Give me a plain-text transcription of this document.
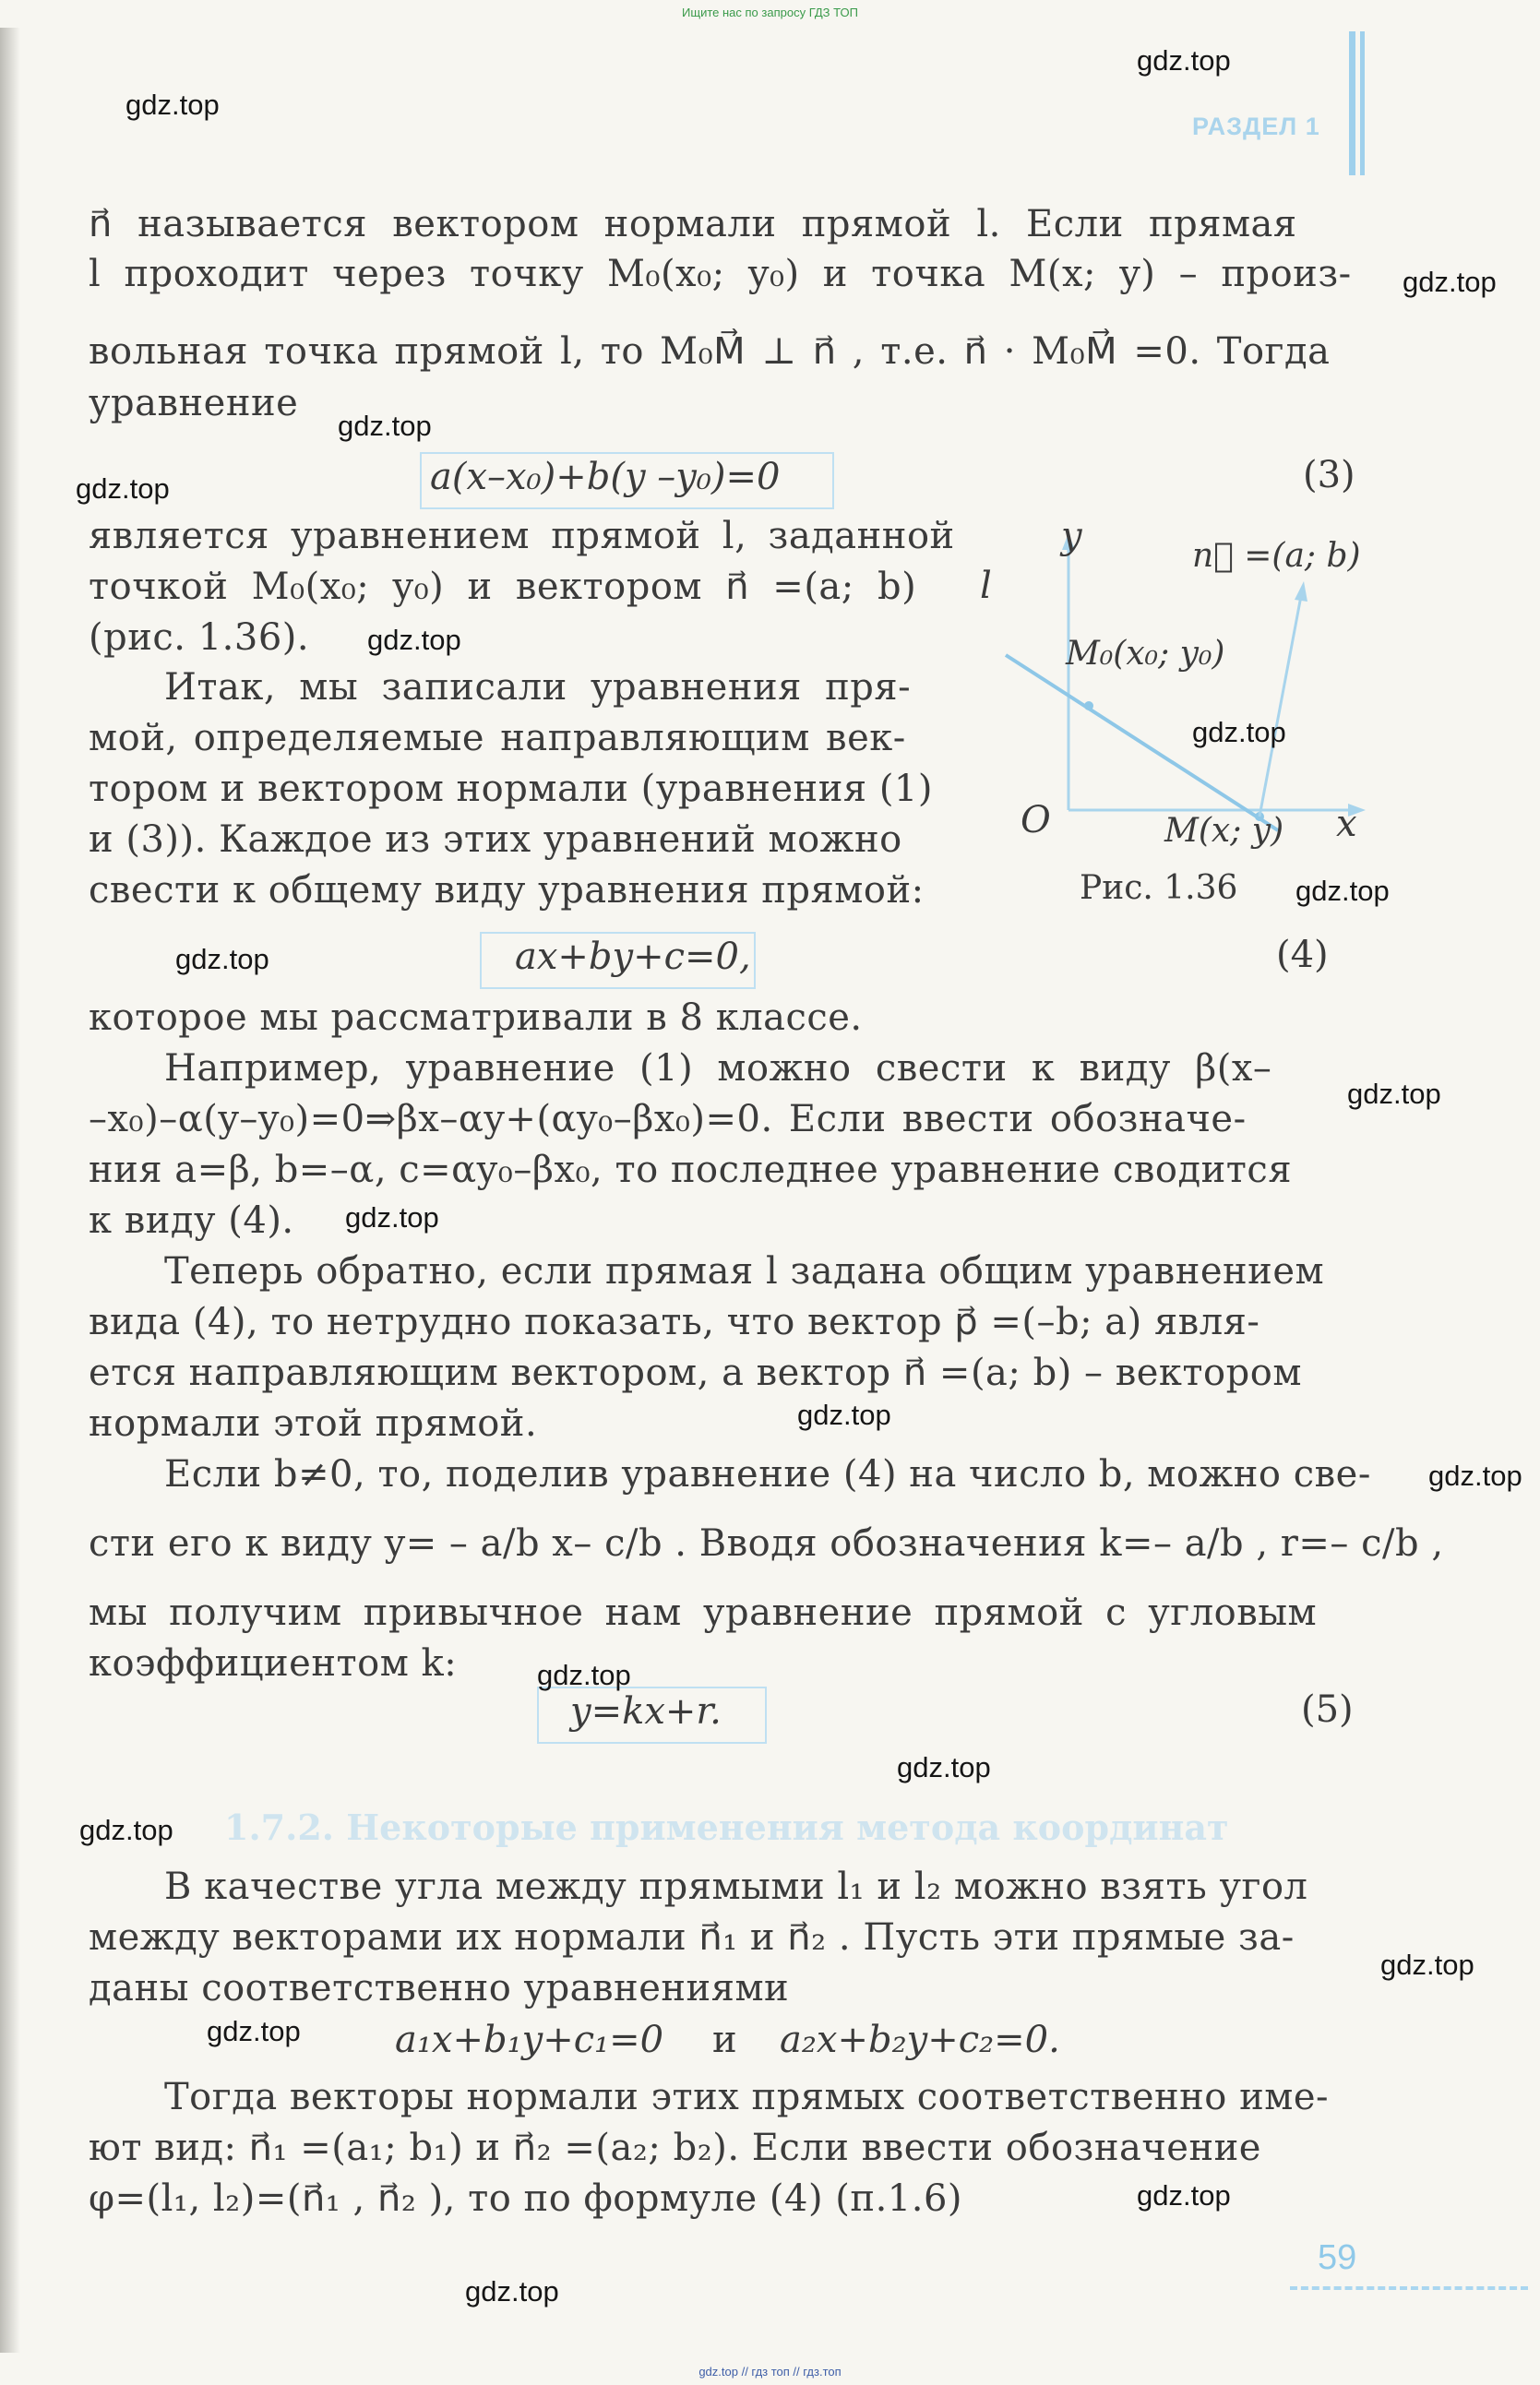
Ищите нас по запросу ГДЗ ТОП
РАЗДЕЛ 1
n⃗ называется вектором нормали прямой l. Если прямая
l проходит через точку M₀(x₀; y₀) и точка M(x; y) – произ-
вольная точка прямой l, то M₀M⃗ ⊥ n⃗ , т.е. n⃗ · M₀M⃗ =0. Тогда
уравнение
a(x–x₀)+b(y –y₀)=0	(3)
является уравнением прямой l, заданной
точкой M₀(x₀; y₀) и вектором n⃗ =(a; b)
(рис. 1.36).
Итак, мы записали уравнения пря-
мой, определяемые направляющим век-
тором и вектором нормали (уравнения (1)
и (3)). Каждое из этих уравнений можно
свести к общему виду уравнения прямой:
y
x
O
l
n⃗ =(a; b)
M₀(x₀; y₀)
M(x; y)
Рис. 1.36
ax+by+c=0,	(4)
которое мы рассматривали в 8 классе.
Например, уравнение (1) можно свести к виду β(x–
–x₀)–α(y–y₀)=0⇒βx–αy+(αy₀–βx₀)=0. Если ввести обозначе-
ния a=β, b=–α, c=αy₀–βx₀, то последнее уравнение сводится
к виду (4).
Теперь обратно, если прямая l задана общим уравнением
вида (4), то нетрудно показать, что вектор p⃗ =(–b; a) явля-
ется направляющим вектором, а вектор n⃗ =(a; b) – вектором
нормали этой прямой.
Если b≠0, то, поделив уравнение (4) на число b, можно све-
сти его к виду y= – a/b x– c/b . Вводя обозначения k=– a/b , r=– c/b ,
мы получим привычное нам уравнение прямой с угловым
коэффициентом k:
y=kx+r.	(5)
1.7.2. Некоторые применения метода координат
В качестве угла между прямыми l₁ и l₂ можно взять угол
между векторами их нормали n⃗₁ и n⃗₂ . Пусть эти прямые за-
даны соответственно уравнениями
a₁x+b₁y+c₁=0 и a₂x+b₂y+c₂=0.
Тогда векторы нормали этих прямых соответственно име-
ют вид: n⃗₁ =(a₁; b₁) и n⃗₂ =(a₂; b₂). Если ввести обозначение
φ=(l₁, l₂)=(n⃗₁ , n⃗₂ ), то по формуле (4) (п.1.6)
59
gdz.top
gdz.top
gdz.top
gdz.top
gdz.top
gdz.top
gdz.top
gdz.top
gdz.top
gdz.top
gdz.top
gdz.top
gdz.top
gdz.top
gdz.top
gdz.top
gdz.top
gdz.top
gdz.top
gdz.top
gdz.top // гдз топ // гдз.топ
